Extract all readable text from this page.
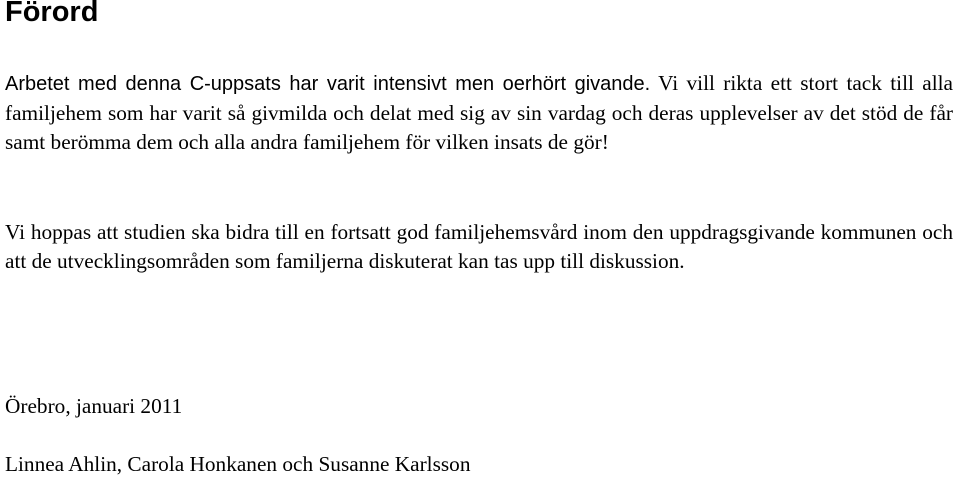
Förord

Arbetet med denna C-uppsats har varit intensivt men oerhört givande. Vi vill rikta ett stort tack till alla familjehem som har varit så givmilda och delat med sig av sin vardag och deras upplevelser av det stöd de får samt berömma dem och alla andra familjehem för vilken insats de gör!

Vi hoppas att studien ska bidra till en fortsatt god familjehemsvård inom den uppdragsgivande kommunen och att de utvecklingsområden som familjerna diskuterat kan tas upp till diskussion.

Örebro, januari 2011
Linnea Ahlin, Carola Honkanen och Susanne Karlsson
